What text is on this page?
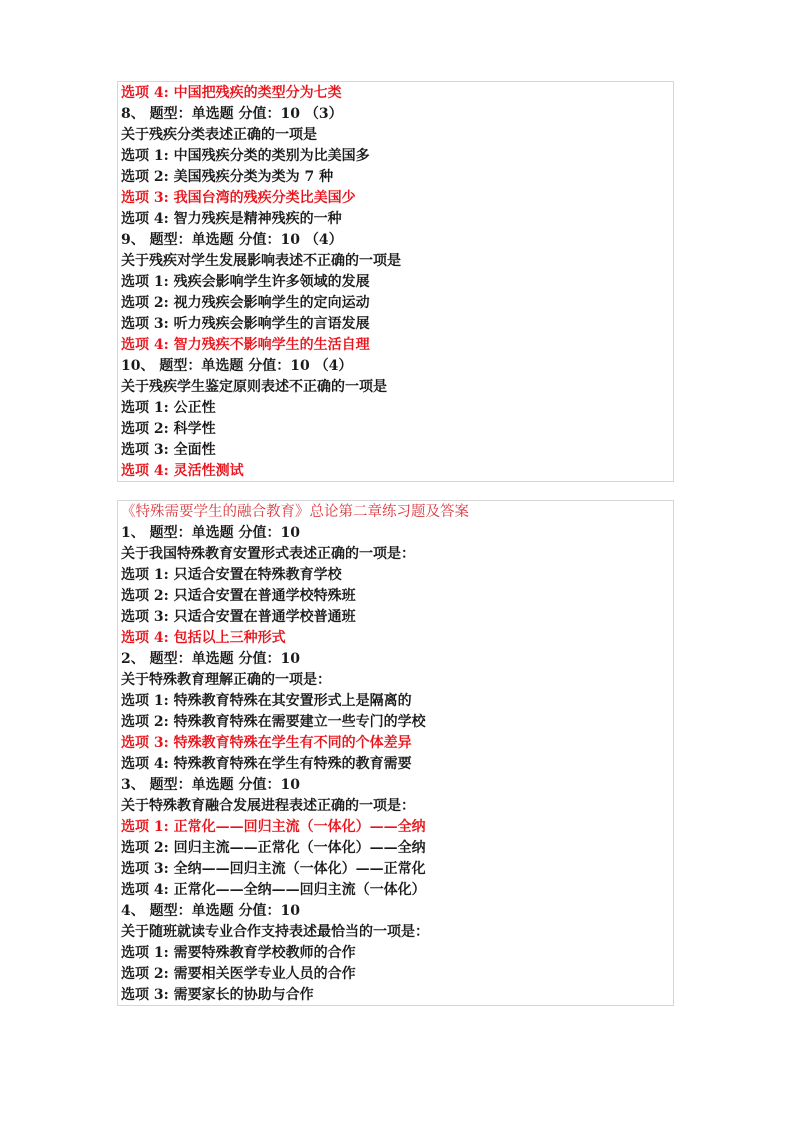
选项 4: 中国把残疾的类型分为七类
8、 题型：单选题 分值：10 （3）
关于残疾分类表述正确的一项是
选项 1: 中国残疾分类的类别为比美国多
选项 2: 美国残疾分类为类为 7 种
选项 3: 我国台湾的残疾分类比美国少
选项 4: 智力残疾是精神残疾的一种
9、 题型：单选题 分值：10 （4）
关于残疾对学生发展影响表述不正确的一项是
选项 1: 残疾会影响学生许多领域的发展
选项 2: 视力残疾会影响学生的定向运动
选项 3: 听力残疾会影响学生的言语发展
选项 4: 智力残疾不影响学生的生活自理
10、 题型：单选题 分值：10 （4）
关于残疾学生鉴定原则表述不正确的一项是
选项 1: 公正性
选项 2: 科学性
选项 3: 全面性
选项 4: 灵活性测试
《特殊需要学生的融合教育》总论第二章练习题及答案
1、 题型：单选题 分值：10
关于我国特殊教育安置形式表述正确的一项是：
选项 1: 只适合安置在特殊教育学校
选项 2: 只适合安置在普通学校特殊班
选项 3: 只适合安置在普通学校普通班
选项 4: 包括以上三种形式
2、 题型：单选题 分值：10
关于特殊教育理解正确的一项是：
选项 1: 特殊教育特殊在其安置形式上是隔离的
选项 2: 特殊教育特殊在需要建立一些专门的学校
选项 3: 特殊教育特殊在学生有不同的个体差异
选项 4: 特殊教育特殊在学生有特殊的教育需要
3、 题型：单选题 分值：10
关于特殊教育融合发展进程表述正确的一项是：
选项 1: 正常化——回归主流（一体化）——全纳
选项 2: 回归主流——正常化（一体化）——全纳
选项 3: 全纳——回归主流（一体化）——正常化
选项 4: 正常化——全纳——回归主流（一体化）
4、 题型：单选题 分值：10
关于随班就读专业合作支持表述最恰当的一项是：
选项 1: 需要特殊教育学校教师的合作
选项 2: 需要相关医学专业人员的合作
选项 3: 需要家长的协助与合作
